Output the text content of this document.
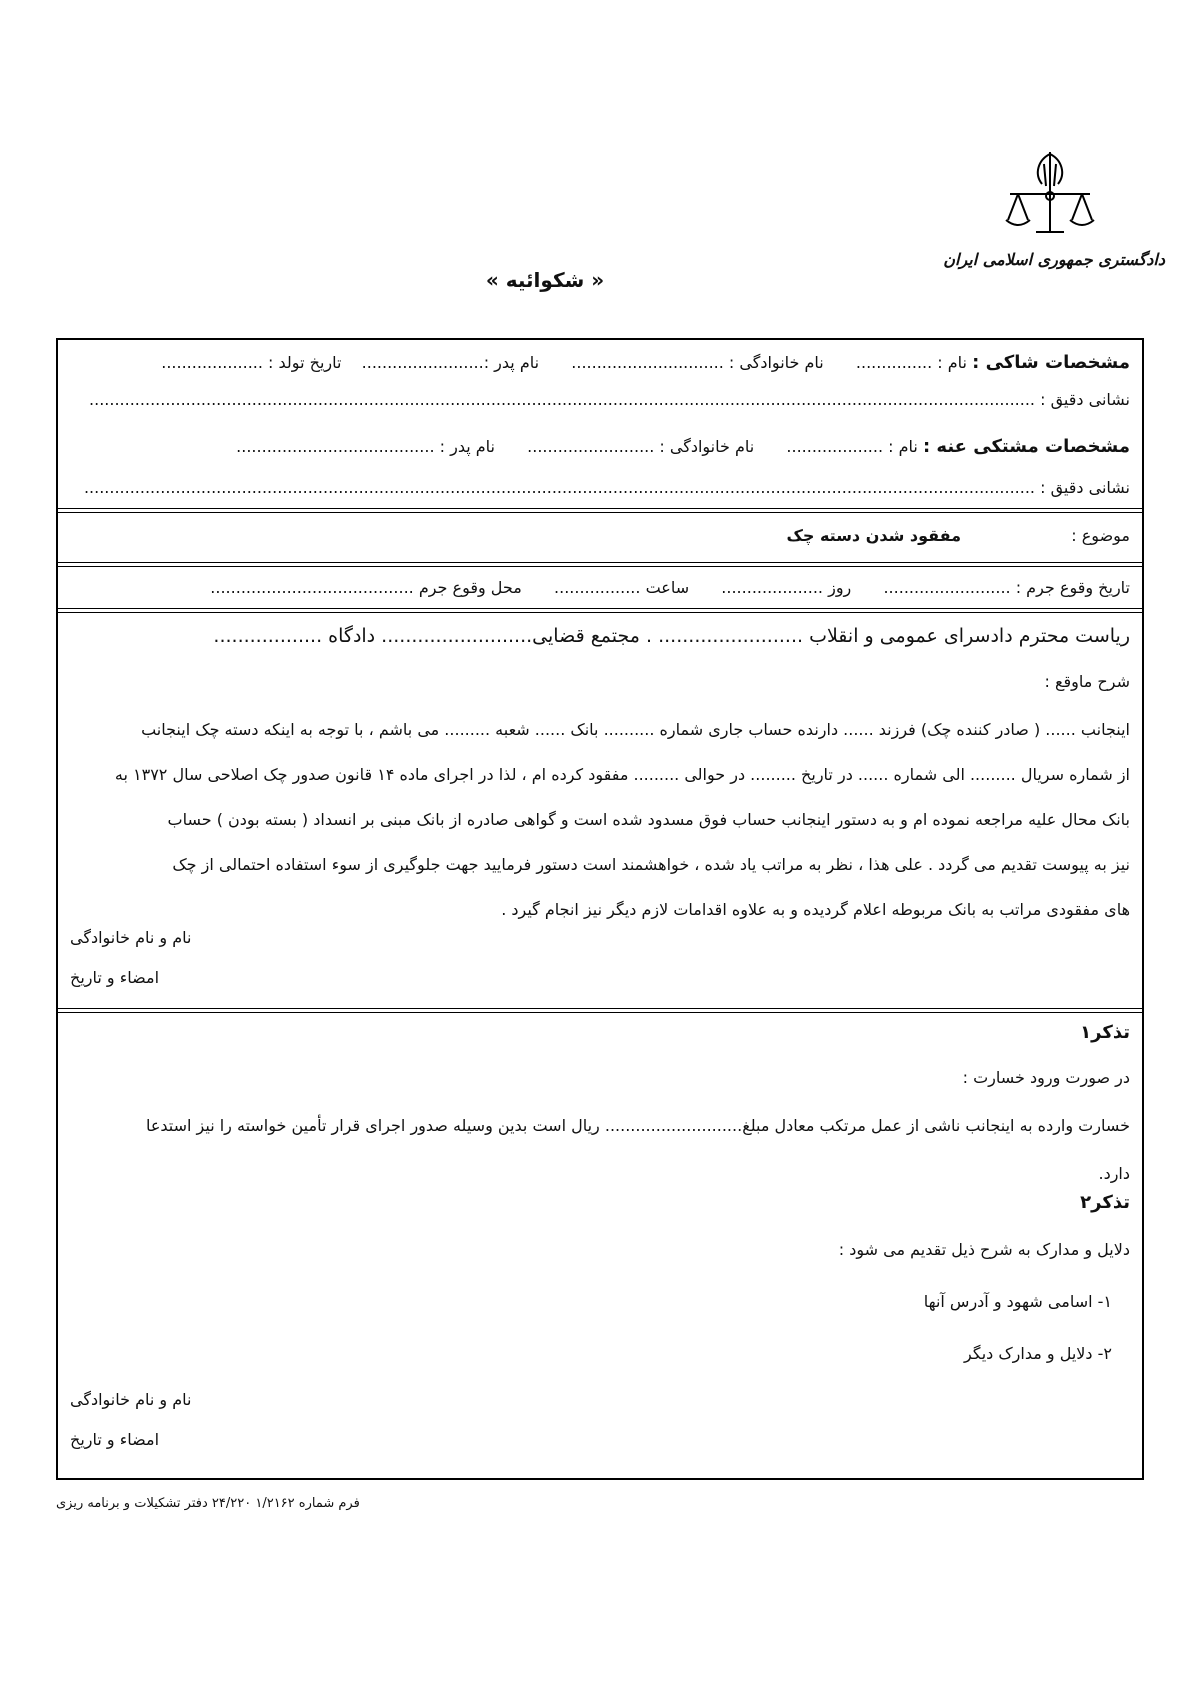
دادگستری جمهوری اسلامی ایران
« شکوائیه »
مشخصات شاکی : نام : ...............  نام خانوادگی : ..............................  نام پدر :........................  تاریخ تولد : ....................
نشانی دقیق : ..........................................................................................................................................................................................
مشخصات مشتکی عنه : نام : ...................  نام خانوادگی : .........................  نام پدر : .......................................
نشانی دقیق : ...........................................................................................................................................................................................
موضوع :  مفقود شدن دسته چک
تاریخ وقوع جرم : .........................  روز ....................  ساعت .................  محل وقوع جرم ........................................
ریاست محترم دادسرای عمومی و انقلاب ........................ . مجتمع قضایی......................... دادگاه ..................
شرح ماوقع :

اینجانب ...... ( صادر کننده چک) فرزند ...... دارنده حساب جاری شماره .......... بانک ...... شعبه ......... می باشم ، با توجه به اینکه دسته چک اینجانب

از شماره سریال ......... الی شماره ...... در تاریخ ......... در حوالی ......... مفقود کرده ام ، لذا در اجرای ماده ۱۴ قانون صدور چک اصلاحی سال ۱۳۷۲ به

بانک محال علیه مراجعه نموده ام و به دستور اینجانب حساب فوق مسدود شده است و گواهی صادره از بانک مبنی بر انسداد ( بسته بودن ) حساب

نیز به پیوست تقدیم می گردد . علی هذا ، نظر به مراتب یاد شده ، خواهشمند است دستور فرمایید جهت جلوگیری از سوء استفاده احتمالی از چک

های مفقودی مراتب به بانک مربوطه اعلام گردیده و به علاوه اقدامات لازم دیگر نیز انجام گیرد .

نام و نام خانوادگی
امضاء و تاریخ
تذکر۱
در صورت ورود خسارت :
خسارت وارده به اینجانب ناشی از عمل مرتکب معادل مبلغ........................... ریال است بدین وسیله صدور اجرای قرار تأمین خواسته را نیز استدعا
دارد.
تذکر۲
دلایل و مدارک به شرح ذیل تقدیم می شود :
۱- اسامی شهود و آدرس آنها
۲- دلایل و مدارک دیگر
نام و نام خانوادگی
امضاء و تاریخ
فرم شماره ۱/۲۱۶۲ ۲۴/۲۲۰ دفتر تشکیلات و برنامه ریزی
